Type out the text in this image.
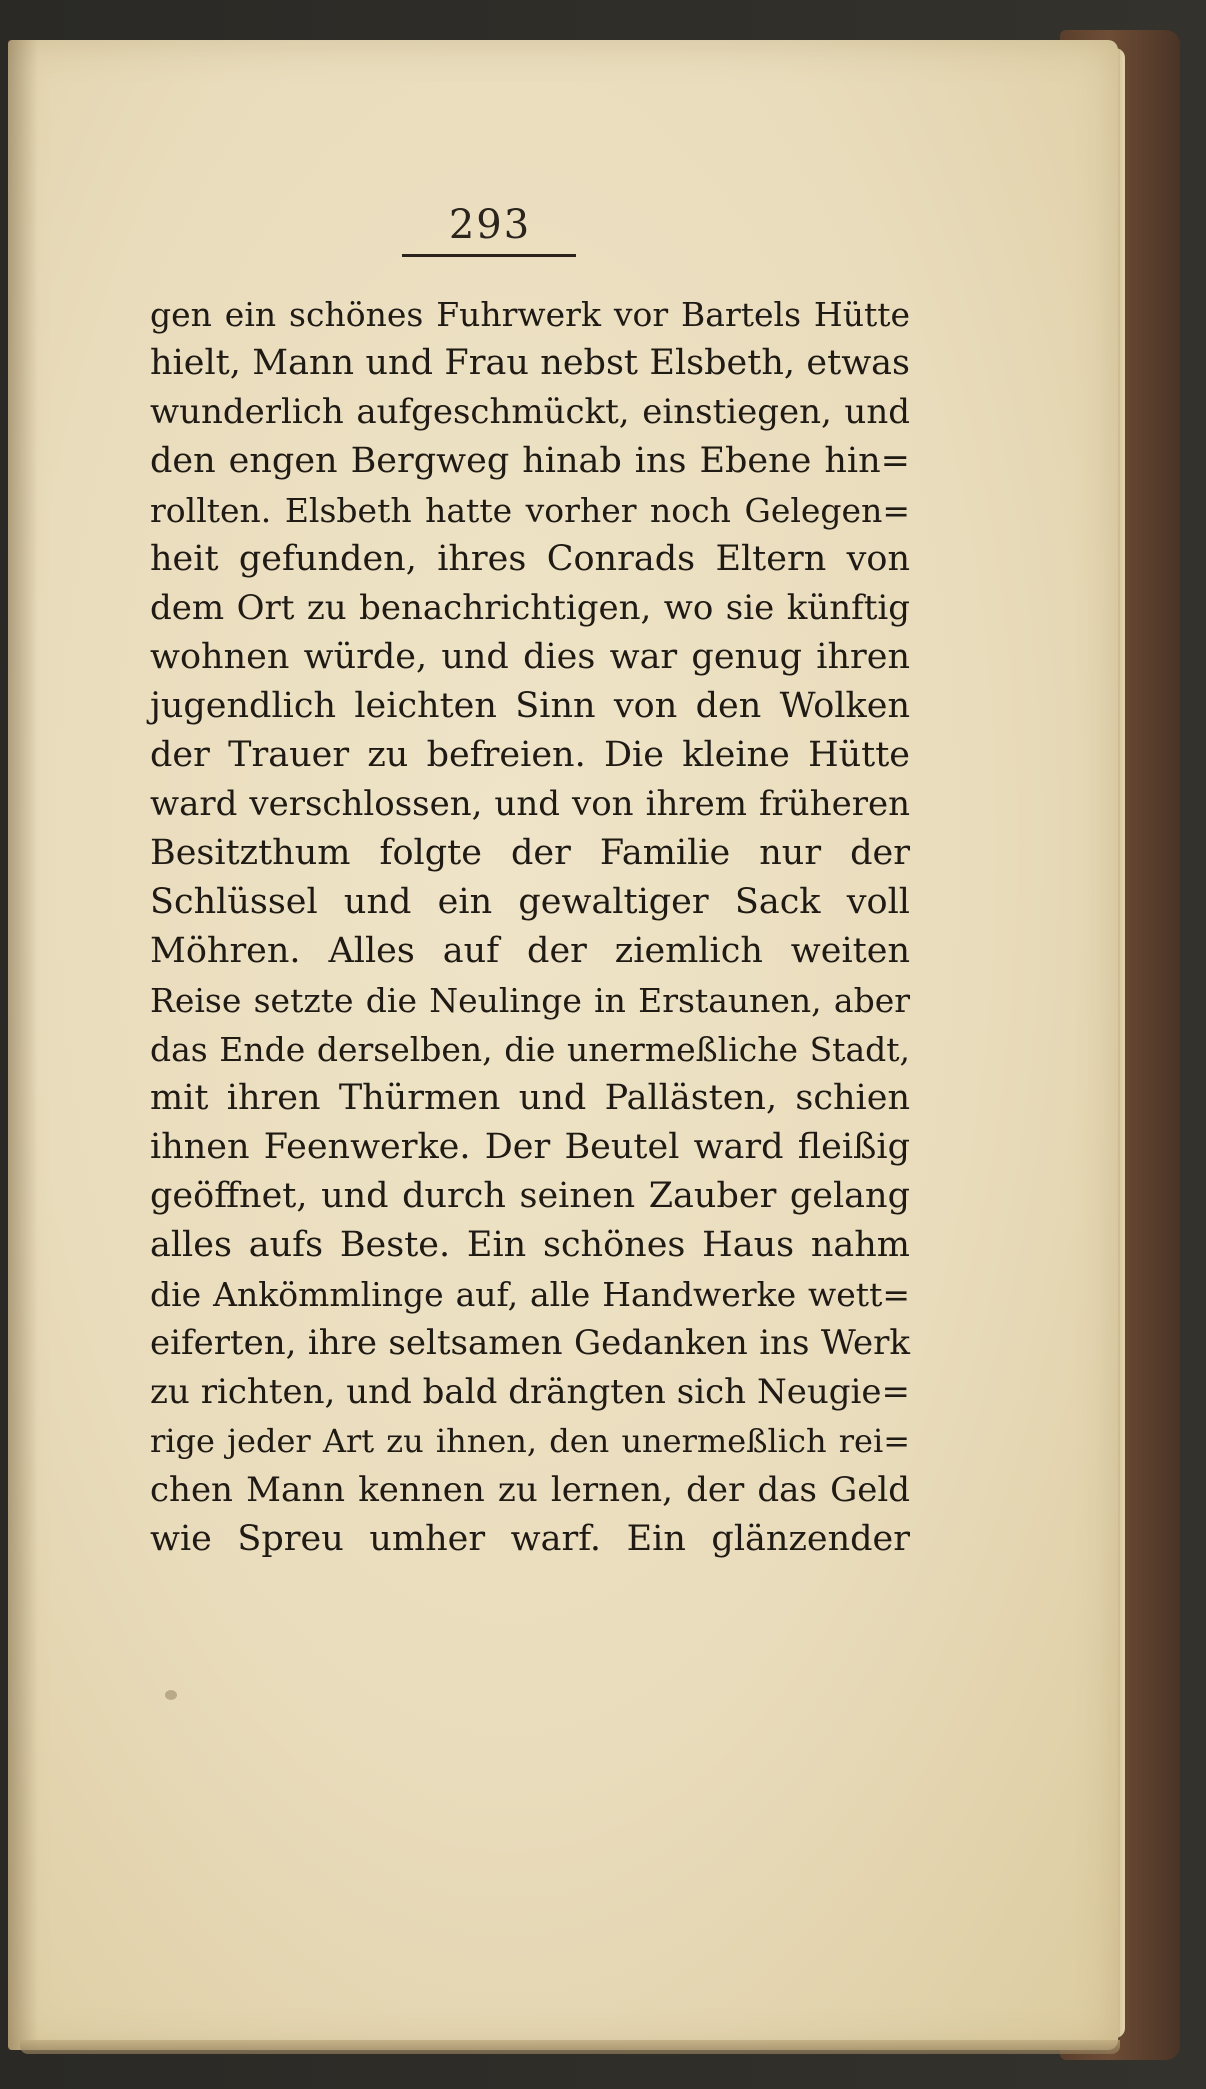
293
gen ein schönes Fuhrwerk vor Bartels Hütte
hielt, Mann und Frau nebst Elsbeth, etwas
wunderlich aufgeschmückt, einstiegen, und
den engen Bergweg hinab ins Ebene hin=
rollten. Elsbeth hatte vorher noch Gelegen=
heit gefunden, ihres Conrads Eltern von
dem Ort zu benachrichtigen, wo sie künftig
wohnen würde, und dies war genug ihren
jugendlich leichten Sinn von den Wolken
der Trauer zu befreien. Die kleine Hütte
ward verschlossen, und von ihrem früheren
Besitzthum folgte der Familie nur der
Schlüssel und ein gewaltiger Sack voll
Möhren. Alles auf der ziemlich weiten
Reise setzte die Neulinge in Erstaunen, aber
das Ende derselben, die unermeßliche Stadt,
mit ihren Thürmen und Pallästen, schien
ihnen Feenwerke. Der Beutel ward fleißig
geöffnet, und durch seinen Zauber gelang
alles aufs Beste. Ein schönes Haus nahm
die Ankömmlinge auf, alle Handwerke wett=
eiferten, ihre seltsamen Gedanken ins Werk
zu richten, und bald drängten sich Neugie=
rige jeder Art zu ihnen, den unermeßlich rei=
chen Mann kennen zu lernen, der das Geld
wie Spreu umher warf. Ein glänzender
